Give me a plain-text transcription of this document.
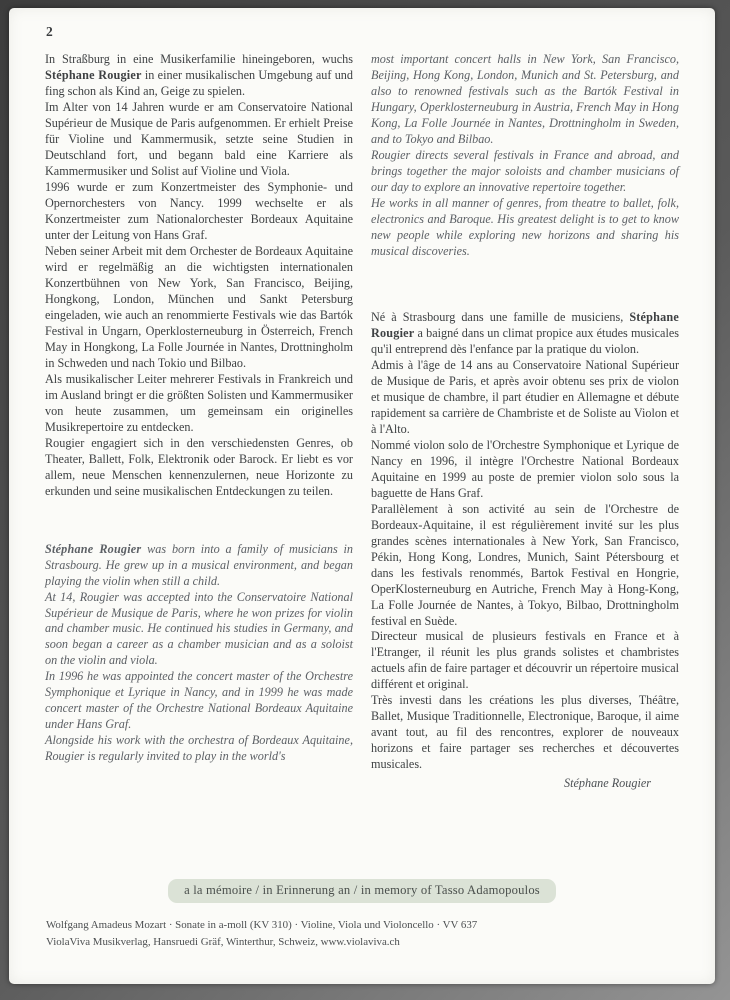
2

In Straßburg in eine Musikerfamilie hineingeboren, wuchs Stéphane Rougier in einer musikalischen Umgebung auf und fing schon als Kind an, Geige zu spielen.

Im Alter von 14 Jahren wurde er am Conservatoire National Supérieur de Musique de Paris aufgenommen. Er erhielt Preise für Violine und Kammermusik, setzte seine Studien in Deutschland fort, und begann bald eine Karriere als Kammermusiker und Solist auf Violine und Viola.

1996 wurde er zum Konzertmeister des Symphonie- und Opernorchesters von Nancy. 1999 wechselte er als Konzertmeister zum Nationalorchester Bordeaux Aquitaine unter der Leitung von Hans Graf.

Neben seiner Arbeit mit dem Orchester de Bordeaux Aquitaine wird er regelmäßig an die wichtigsten internationalen Konzertbühnen von New York, San Francisco, Beijing, Hongkong, London, München und Sankt Petersburg eingeladen, wie auch an renommierte Festivals wie das Bartók Festival in Ungarn, Operklosterneuburg in Österreich, French May in Hongkong, La Folle Journée in Nantes, Drottningholm in Schweden und nach Tokio und Bilbao.

Als musikalischer Leiter mehrerer Festivals in Frankreich und im Ausland bringt er die größten Solisten und Kammermusiker von heute zusammen, um gemeinsam ein originelles Musikrepertoire zu entdecken.

Rougier engagiert sich in den verschiedensten Genres, ob Theater, Ballett, Folk, Elektronik oder Barock. Er liebt es vor allem, neue Menschen kennenzulernen, neue Horizonte zu erkunden und seine musikalischen Entdeckungen zu teilen.

Stéphane Rougier was born into a family of musicians in Strasbourg. He grew up in a musical environment, and began playing the violin when still a child.

At 14, Rougier was accepted into the Conservatoire National Supérieur de Musique de Paris, where he won prizes for violin and chamber music. He continued his studies in Germany, and soon began a career as a chamber musician and as a soloist on the violin and viola.

In 1996 he was appointed the concert master of the Orchestre Symphonique et Lyrique in Nancy, and in 1999 he was made concert master of the Orchestre National Bordeaux Aquitaine under Hans Graf.

Alongside his work with the orchestra of Bordeaux Aquitaine, Rougier is regularly invited to play in the world's

most important concert halls in New York, San Francisco, Beijing, Hong Kong, London, Munich and St. Petersburg, and also to renowned festivals such as the Bartók Festival in Hungary, Operklosterneuburg in Austria, French May in Hong Kong, La Folle Journée in Nantes, Drottningholm in Sweden, and to Tokyo and Bilbao.

Rougier directs several festivals in France and abroad, and brings together the major soloists and chamber musicians of our day to explore an innovative repertoire together.

He works in all manner of genres, from theatre to ballet, folk, electronics and Baroque. His greatest delight is to get to know new people while exploring new horizons and sharing his musical discoveries.

Né à Strasbourg dans une famille de musiciens, Stéphane Rougier a baigné dans un climat propice aux études musicales qu'il entreprend dès l'enfance par la pratique du violon.

Admis à l'âge de 14 ans au Conservatoire National Supérieur de Musique de Paris, et après avoir obtenu ses prix de violon et musique de chambre, il part étudier en Allemagne et débute rapidement sa carrière de Chambriste et de Soliste au Violon et à l'Alto.

Nommé violon solo de l'Orchestre Symphonique et Lyrique de Nancy en 1996, il intègre l'Orchestre National Bordeaux Aquitaine en 1999 au poste de premier violon solo sous la baguette de Hans Graf.

Parallèlement à son activité au sein de l'Orchestre de Bordeaux-Aquitaine, il est régulièrement invité sur les plus grandes scènes internationales à New York, San Francisco, Pékin, Hong Kong, Londres, Munich, Saint Pétersbourg et dans les festivals renommés, Bartok Festival en Hongrie, OperKlosterneuburg en Autriche, French May à Hong-Kong, La Folle Journée de Nantes, à Tokyo, Bilbao, Drottningholm festival en Suède.

Directeur musical de plusieurs festivals en France et à l'Etranger, il réunit les plus grands solistes et chambristes actuels afin de faire partager et découvrir un répertoire musical différent et original.

Très investi dans les créations les plus diverses, Théâtre, Ballet, Musique Traditionnelle, Electronique, Baroque, il aime avant tout, au fil des rencontres, explorer de nouveaux horizons et faire partager ses recherches et découvertes musicales.

Stéphane Rougier

a la mémoire / in Erinnerung an / in memory of Tasso Adamopoulos
Wolfgang Amadeus Mozart · Sonate in a-moll (KV 310) · Violine, Viola und Violoncello · VV 637
ViolaViva Musikverlag, Hansruedi Gräf, Winterthur, Schweiz, www.violaviva.ch
